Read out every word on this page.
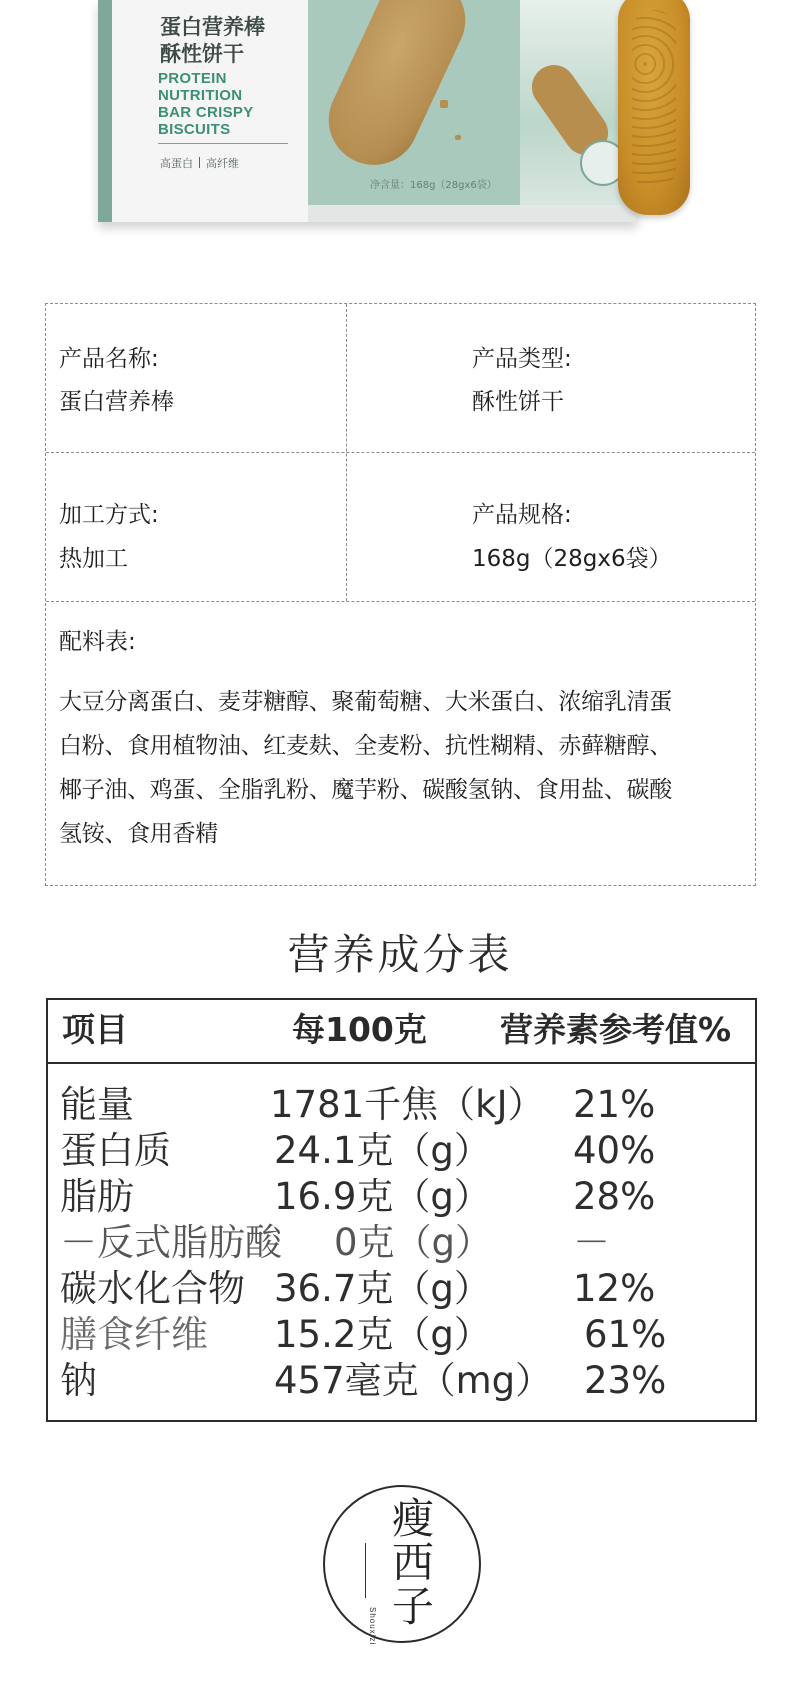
蛋白营养棒
酥性饼干
PROTEIN
NUTRITION
BAR CRISPY
BISCUITS
高蛋白 高纤维
净含量：168g（28gx6袋）
产品名称:
蛋白营养棒
产品类型:
酥性饼干
加工方式:
热加工
产品规格:
168g（28gx6袋）
配料表:
大豆分离蛋白、麦芽糖醇、聚葡萄糖、大米蛋白、浓缩乳清蛋
白粉、食用植物油、红麦麸、全麦粉、抗性糊精、赤藓糖醇、
椰子油、鸡蛋、全脂乳粉、魔芋粉、碳酸氢钠、食用盐、碳酸
氢铵、食用香精
营养成分表
项目	每100克 营养素参考值%
能量	1781千焦（kJ） 21%
蛋白质	24.1克（g） 40%
脂肪	16.9克（g） 28%
－反式脂肪酸 0克（g） －
碳水化合物 36.7克（g） 12%
膳食纤维 15.2克（g）	61%
钠	457毫克（mg） 23%
瘦
西
子
Shouxizi
